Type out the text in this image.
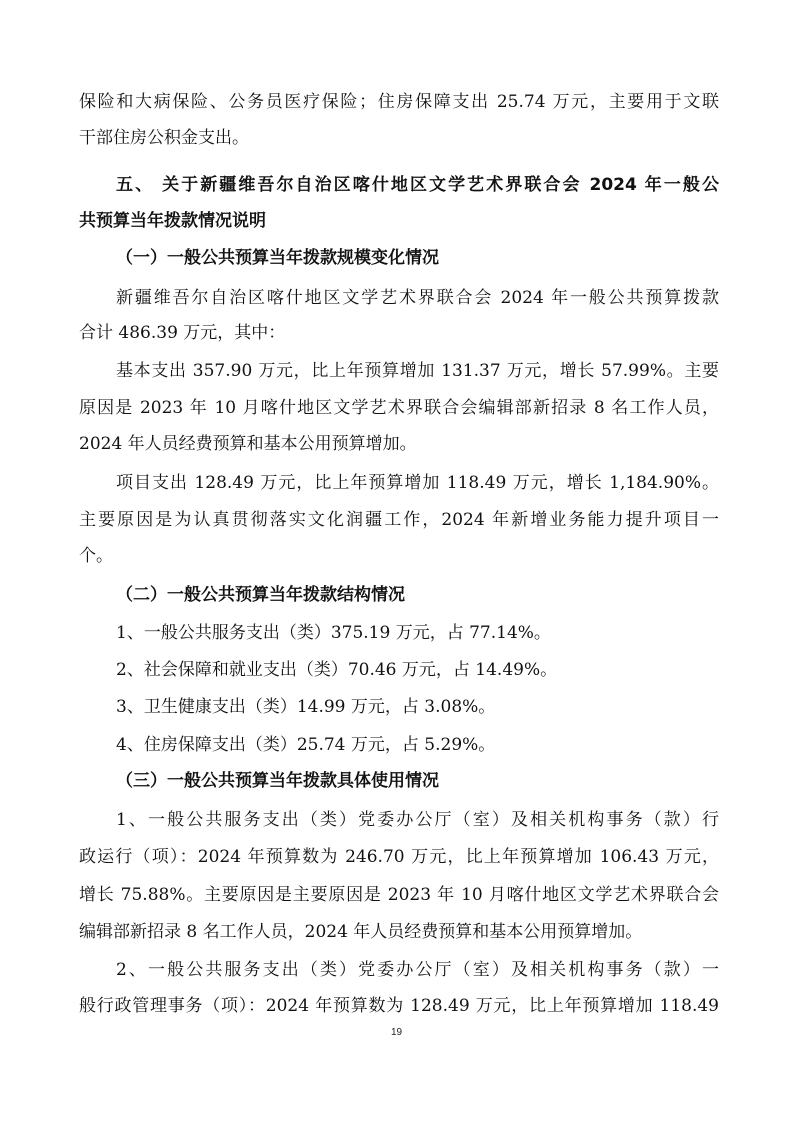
保险和大病保险、公务员医疗保险；住房保障支出 25.74 万元，主要用于文联
干部住房公积金支出。
五、 关于新疆维吾尔自治区喀什地区文学艺术界联合会 2024 年一般公
共预算当年拨款情况说明
（一）一般公共预算当年拨款规模变化情况
新疆维吾尔自治区喀什地区文学艺术界联合会 2024 年一般公共预算拨款
合计 486.39 万元，其中：
基本支出 357.90 万元，比上年预算增加 131.37 万元，增长 57.99%。主要
原因是 2023 年 10 月喀什地区文学艺术界联合会编辑部新招录 8 名工作人员，
2024 年人员经费预算和基本公用预算增加。
项目支出 128.49 万元，比上年预算增加 118.49 万元，增长 1,184.90%。
主要原因是为认真贯彻落实文化润疆工作，2024 年新增业务能力提升项目一
个。
（二）一般公共预算当年拨款结构情况
1、一般公共服务支出（类）375.19 万元，占 77.14%。
2、社会保障和就业支出（类）70.46 万元，占 14.49%。
3、卫生健康支出（类）14.99 万元，占 3.08%。
4、住房保障支出（类）25.74 万元，占 5.29%。
（三）一般公共预算当年拨款具体使用情况
1、一般公共服务支出（类）党委办公厅（室）及相关机构事务（款）行
政运行（项）：2024 年预算数为 246.70 万元，比上年预算增加 106.43 万元，
增长 75.88%。主要原因是主要原因是 2023 年 10 月喀什地区文学艺术界联合会
编辑部新招录 8 名工作人员，2024 年人员经费预算和基本公用预算增加。
2、一般公共服务支出（类）党委办公厅（室）及相关机构事务（款）一
般行政管理事务（项）：2024 年预算数为 128.49 万元，比上年预算增加 118.49
19
